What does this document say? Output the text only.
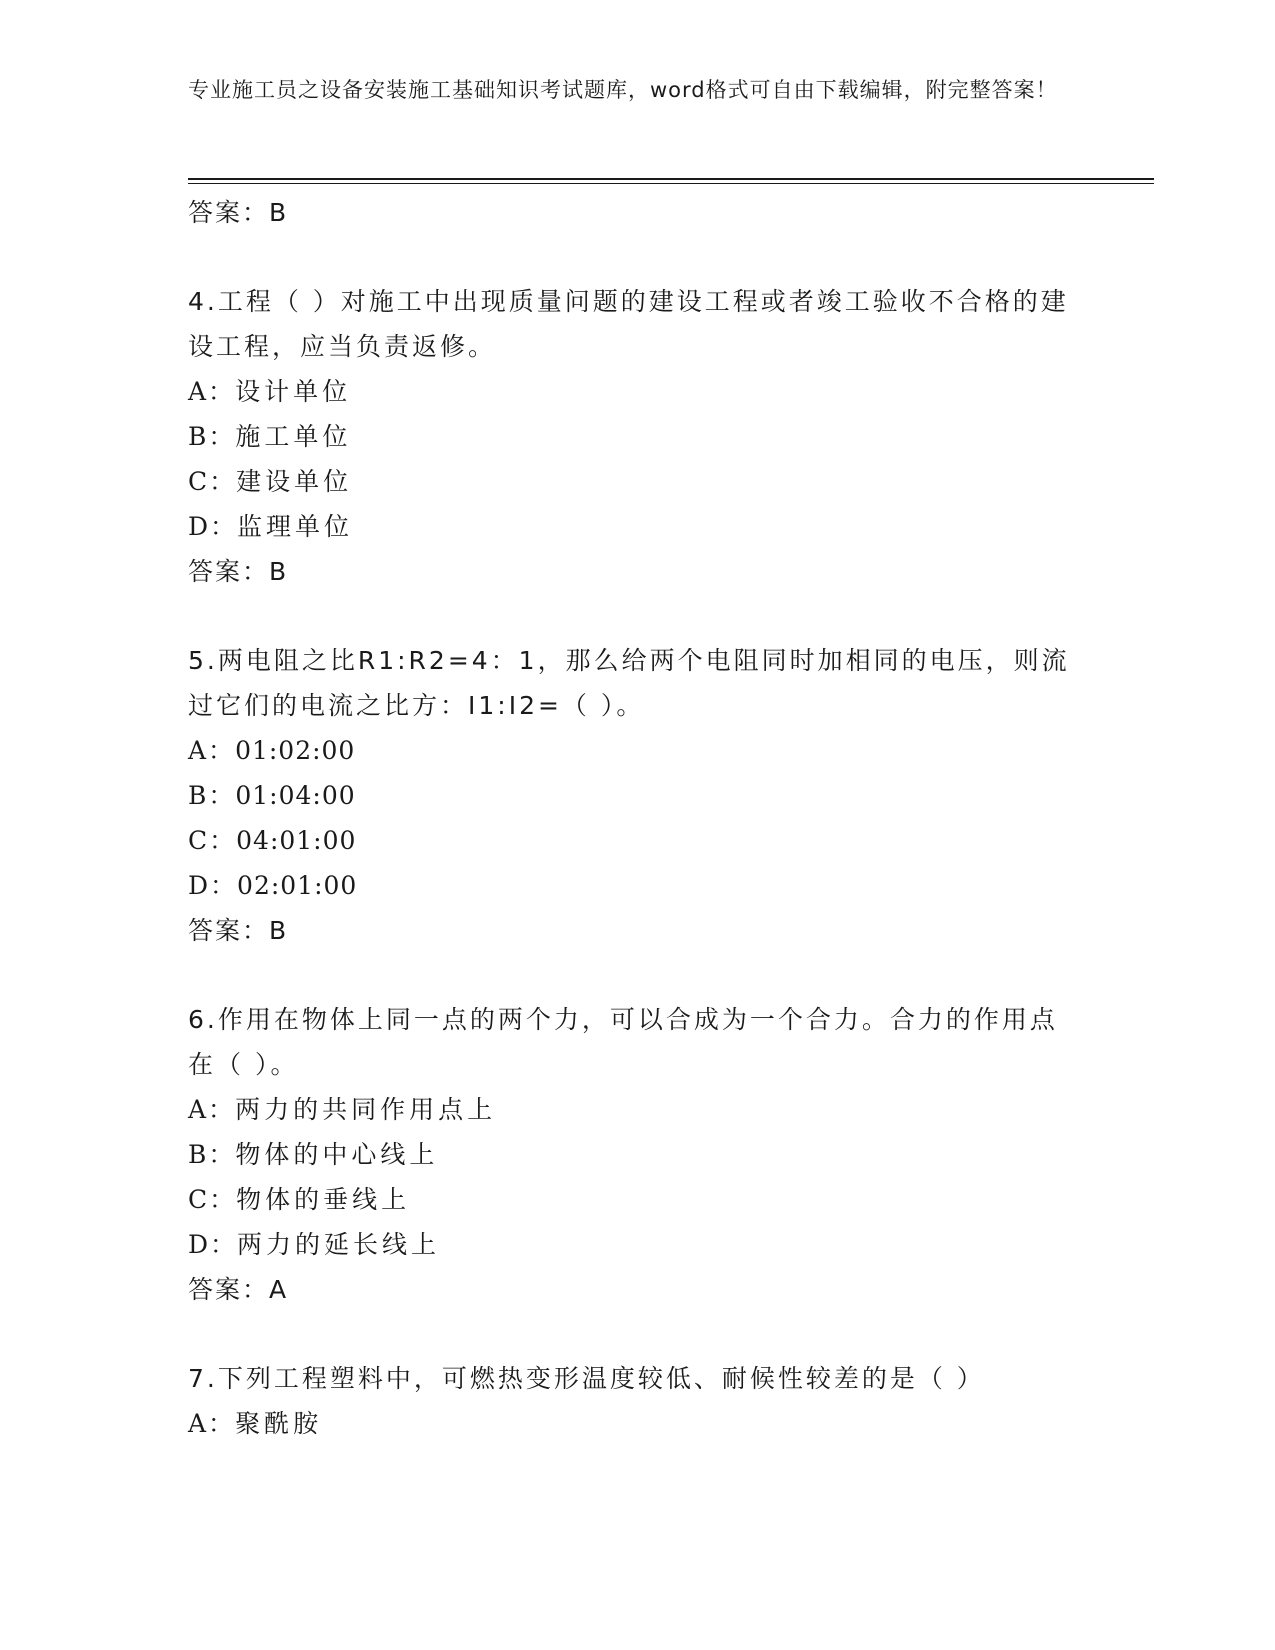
专业施工员之设备安装施工基础知识考试题库，word格式可自由下载编辑，附完整答案！
答案：B
4.工程（ ）对施工中出现质量问题的建设工程或者竣工验收不合格的建设工程，应当负责返修。
A：设计单位
B：施工单位
C：建设单位
D：监理单位
答案：B
5.两电阻之比R1:R2=4：1，那么给两个电阻同时加相同的电压，则流过它们的电流之比方：I1:I2=（ ）。
A：01:02:00
B：01:04:00
C：04:01:00
D：02:01:00
答案：B
6.作用在物体上同一点的两个力，可以合成为一个合力。合力的作用点在（ ）。
A：两力的共同作用点上
B：物体的中心线上
C：物体的垂线上
D：两力的延长线上
答案：A
7.下列工程塑料中，可燃热变形温度较低、耐候性较差的是（ ）
A：聚酰胺
